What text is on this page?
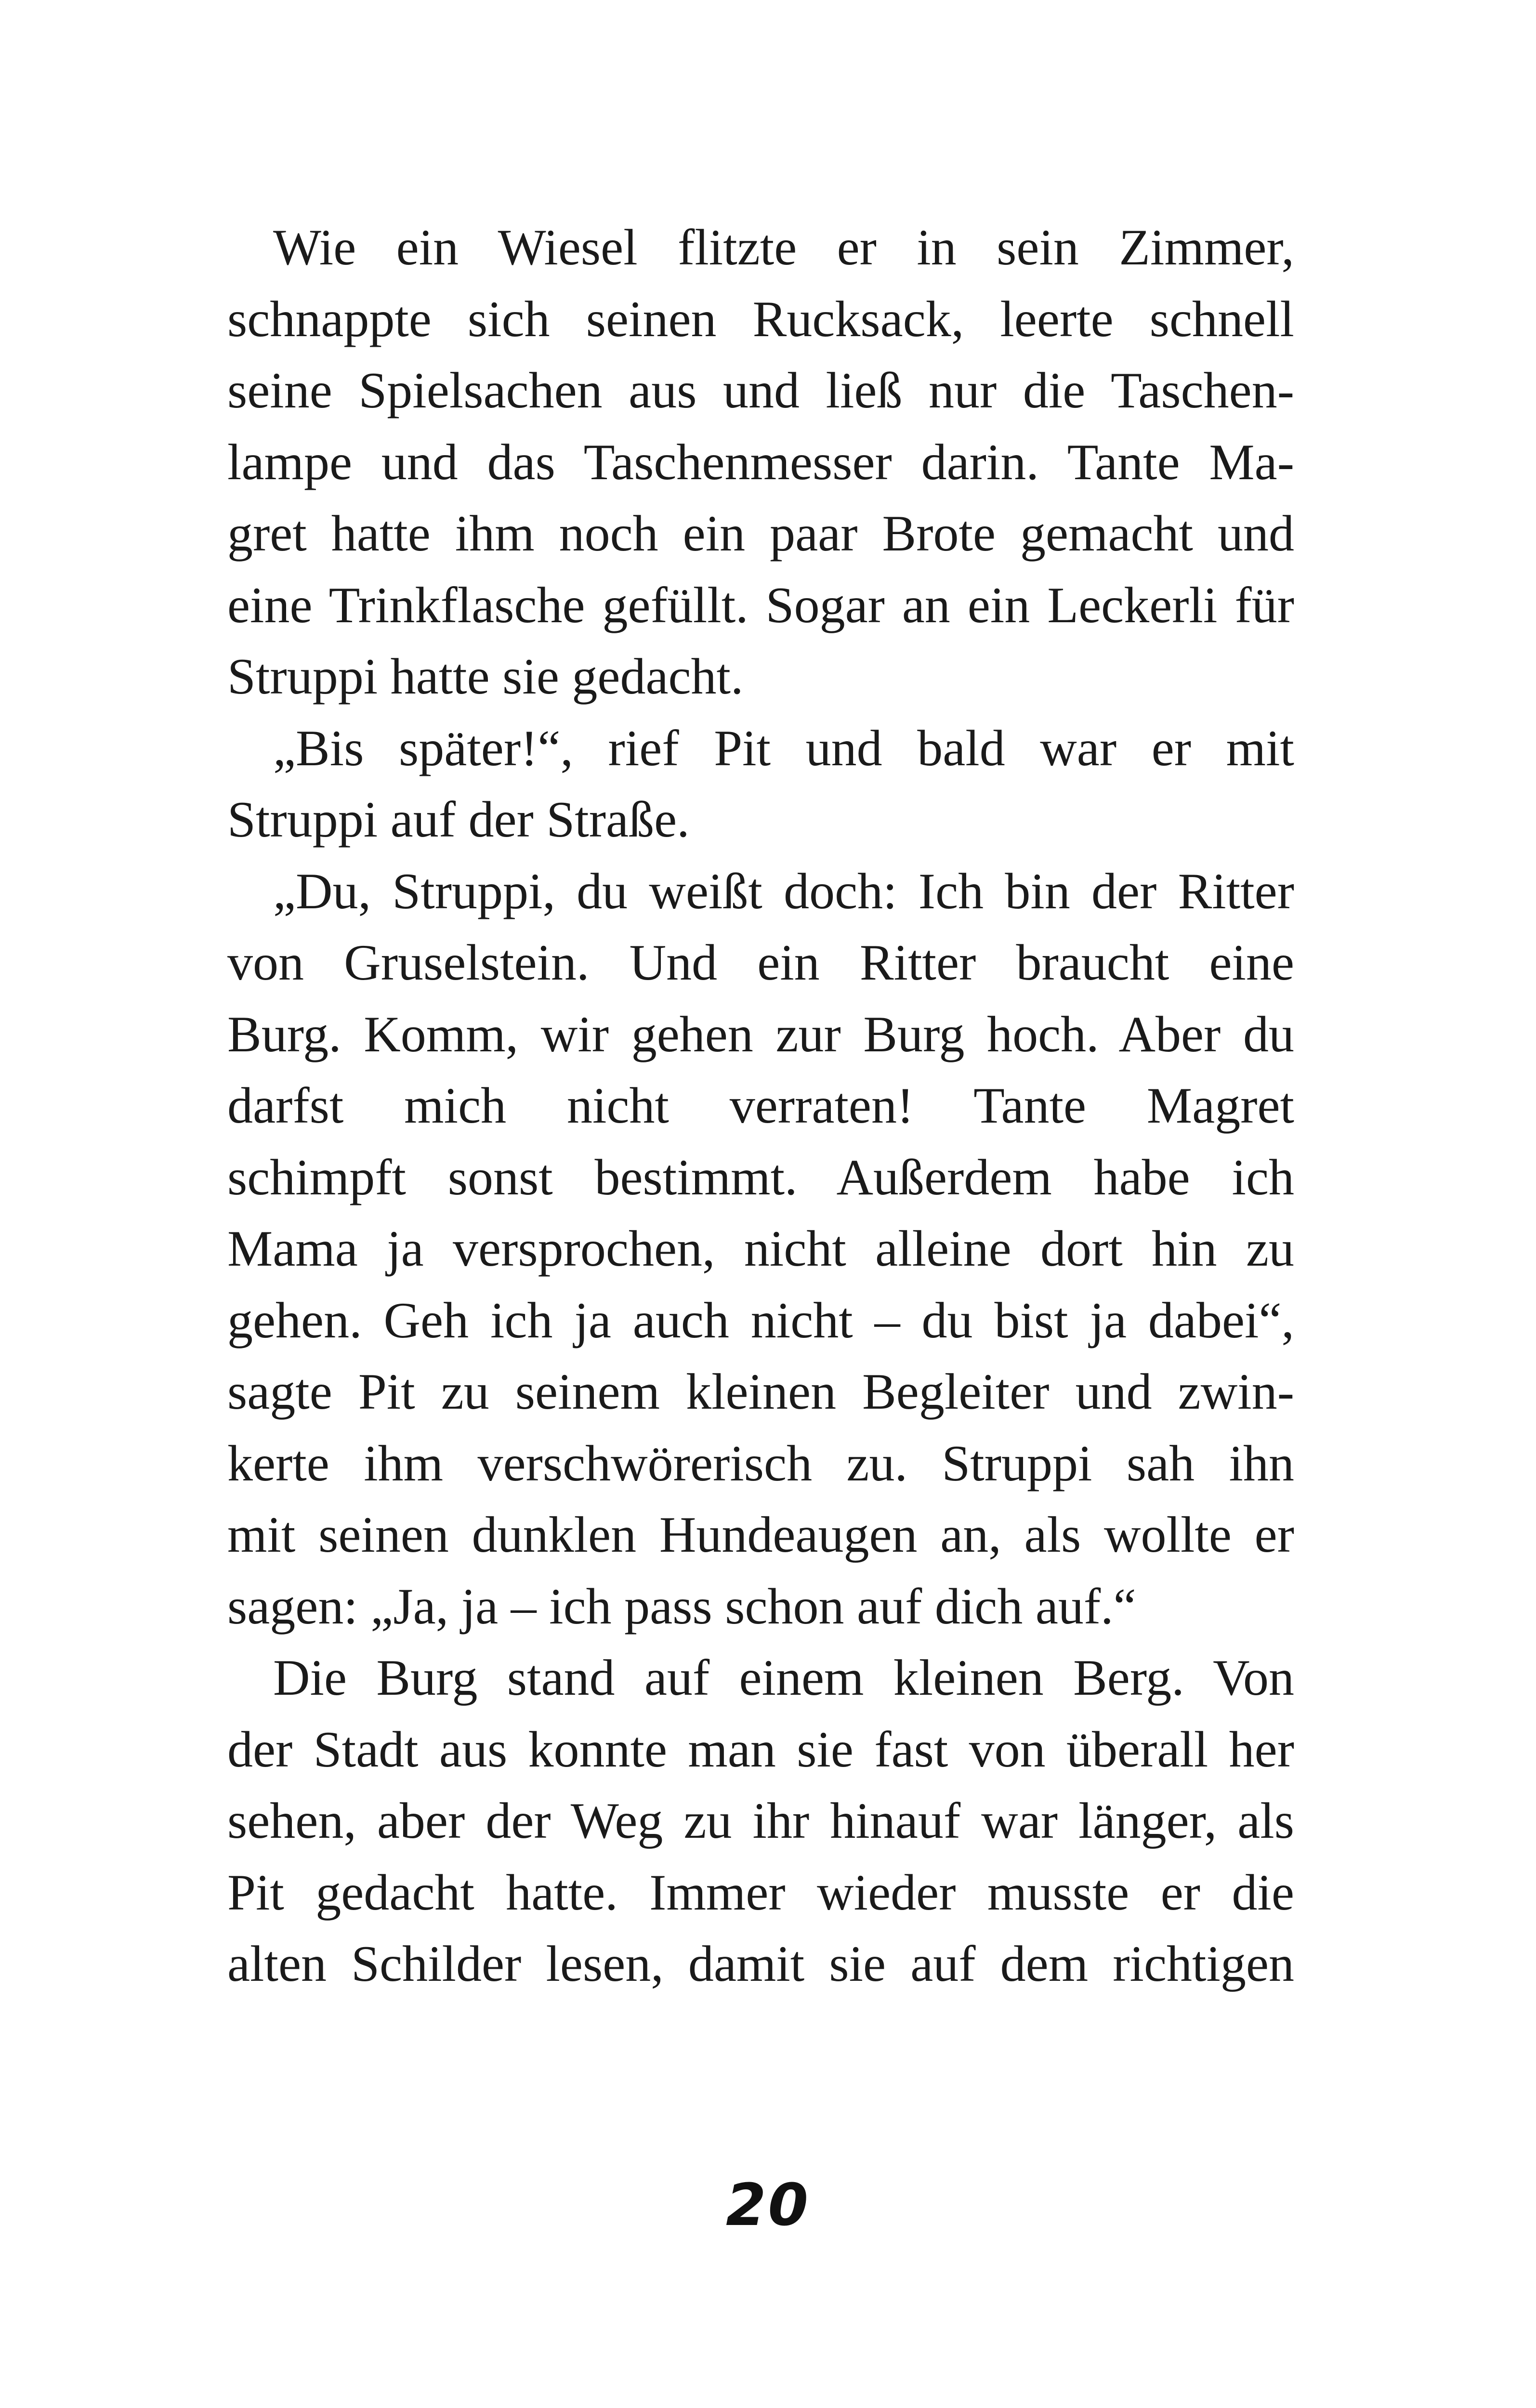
Wie ein Wiesel flitzte er in sein Zimmer,
schnappte sich seinen Rucksack, leerte schnell
seine Spielsachen aus und ließ nur die Taschen-
lampe und das Taschenmesser darin. Tante Ma-
gret hatte ihm noch ein paar Brote gemacht und
eine Trinkflasche gefüllt. Sogar an ein Leckerli für
Struppi hatte sie gedacht.

„Bis später!“, rief Pit und bald war er mit
Struppi auf der Straße.

„Du, Struppi, du weißt doch: Ich bin der Ritter
von Gruselstein. Und ein Ritter braucht eine
Burg. Komm, wir gehen zur Burg hoch. Aber du
darfst mich nicht verraten! Tante Magret
schimpft sonst bestimmt. Außerdem habe ich
Mama ja versprochen, nicht alleine dort hin zu
gehen. Geh ich ja auch nicht – du bist ja dabei“,
sagte Pit zu seinem kleinen Begleiter und zwin-
kerte ihm verschwörerisch zu. Struppi sah ihn
mit seinen dunklen Hundeaugen an, als wollte er
sagen: „Ja, ja – ich pass schon auf dich auf.“

Die Burg stand auf einem kleinen Berg. Von
der Stadt aus konnte man sie fast von überall her
sehen, aber der Weg zu ihr hinauf war länger, als
Pit gedacht hatte. Immer wieder musste er die
alten Schilder lesen, damit sie auf dem richtigen

20
